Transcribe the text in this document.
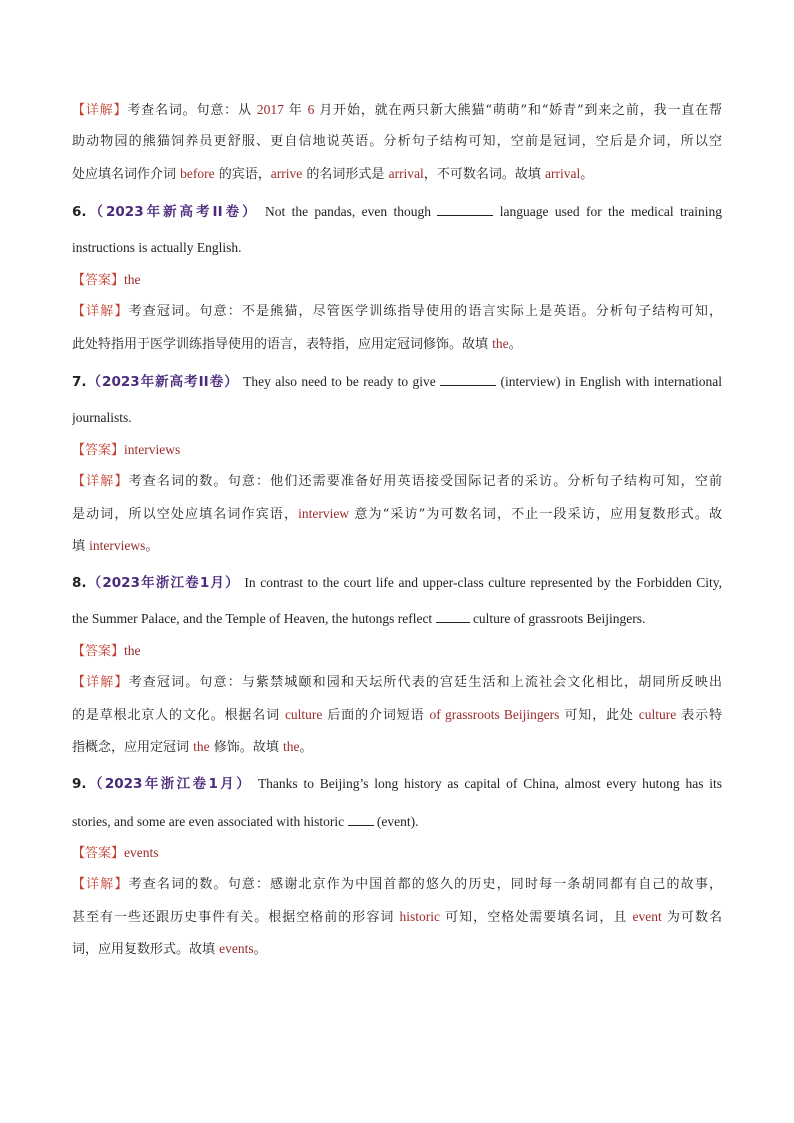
【详解】考查名词。句意：从 2017 年 6 月开始，就在两只新大熊猫“萌萌”和“娇青”到来之前，我一直在帮
助动物园的熊猫饲养员更舒服、更自信地说英语。分析句子结构可知，空前是冠词，空后是介词，所以空
处应填名词作介词 before 的宾语，arrive 的名词形式是 arrival，不可数名词。故填 arrival。
6.（2023年新高考II卷） Not the pandas, even though	language used for the medical training
instructions is actually English.
【答案】the
【详解】考查冠词。句意：不是熊猫，尽管医学训练指导使用的语言实际上是英语。分析句子结构可知，
此处特指用于医学训练指导使用的语言，表特指，应用定冠词修饰。故填 the。
7.（2023年新高考II卷） They also need to be ready to give	(interview) in English with international
journalists.
【答案】interviews
【详解】考查名词的数。句意：他们还需要准备好用英语接受国际记者的采访。分析句子结构可知，空前
是动词，所以空处应填名词作宾语，interview 意为“采访”为可数名词，不止一段采访，应用复数形式。故
填 interviews。
8.（2023年浙江卷1月） In contrast to the court life and upper-class culture represented by the Forbidden City,
the Summer Palace, and the Temple of Heaven, the hutongs reflect	culture of grassroots Beijingers.
【答案】the
【详解】考查冠词。句意：与紫禁城颐和园和天坛所代表的宫廷生活和上流社会文化相比，胡同所反映出
的是草根北京人的文化。根据名词 culture 后面的介词短语 of grassroots Beijingers 可知，此处 culture 表示特
指概念，应用定冠词 the 修饰。故填 the。
9.（2023年浙江卷1月） Thanks to Beijing’s long history as capital of China, almost every hutong has its
stories, and some are even associated with historic (event).
【答案】events
【详解】考查名词的数。句意：感谢北京作为中国首都的悠久的历史，同时每一条胡同都有自己的故事，
甚至有一些还跟历史事件有关。根据空格前的形容词 historic 可知，空格处需要填名词，且 event 为可数名
词，应用复数形式。故填 events。
